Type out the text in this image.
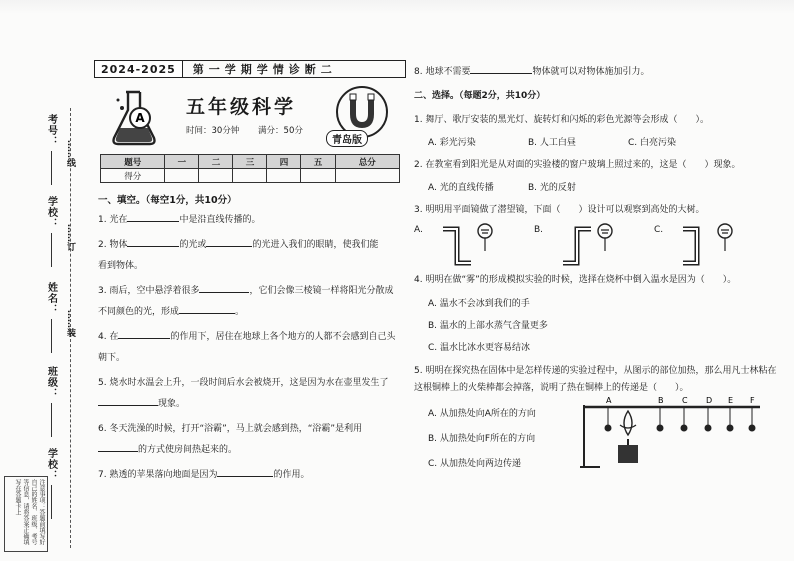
考号：
学校：
姓名：
班级：
学校：
……线
……订
……装
注意事项：答题前填写好自己的姓名、班级、考号等信息，请将答案正确填写在答题卡上
2024-2025	第一学期学情诊断二
A 五年级科学
时间：30分钟 满分：50分
青岛版
题号	一	二	三	四	五	总分
得分						
一、填空。（每空1分，共10分）
1. 光在	中是沿直线传播的。
2. 物体	的光或	的光进入我们的眼睛，使我们能
看到物体。
3. 雨后，空中悬浮着很多	，它们会像三棱镜一样将阳光分散成
不同颜色的光，形成	。
4. 在	的作用下，居住在地球上各个地方的人都不会感到自己头
朝下。
5. 烧水时水温会上升，一段时间后水会被烧开，这是因为水在壶里发生了
现象。
6. 冬天洗澡的时候，打开“浴霸”，马上就会感到热，“浴霸”是利用
的方式使房间热起来的。
7. 熟透的苹果落向地面是因为	的作用。
8. 地球不需要	物体就可以对物体施加引力。
二、选择。（每题2分，共10分）
1. 舞厅、歌厅安装的黑光灯、旋转灯和闪烁的彩色光源等会形成（　　）。
A. 彩光污染	B. 人工白昼	C. 白亮污染
2. 在教室看到阳光是从对面的实验楼的窗户玻璃上照过来的，这是（　　）现象。
A. 光的直线传播	B. 光的反射
3. 明明用平面镜做了潜望镜，下面（　　）设计可以观察到高处的大树。
A.	B.	C.
4. 明明在做“雾”的形成模拟实验的时候，选择在烧杯中倒入温水是因为（　　）。
A. 温水不会冰到我们的手
B. 温水的上部水蒸气含量更多
C. 温水比冰水更容易结冰
5. 明明在探究热在固体中是怎样传递的实验过程中，从图示的部位加热，那么用凡士林粘在这根铜棒上的火柴棒都会掉落，说明了热在铜棒上的传递是（　　）。
A. 从加热处向A所在的方向
B. 从加热处向F所在的方向
C. 从加热处向两边传递
A	B C D E F
